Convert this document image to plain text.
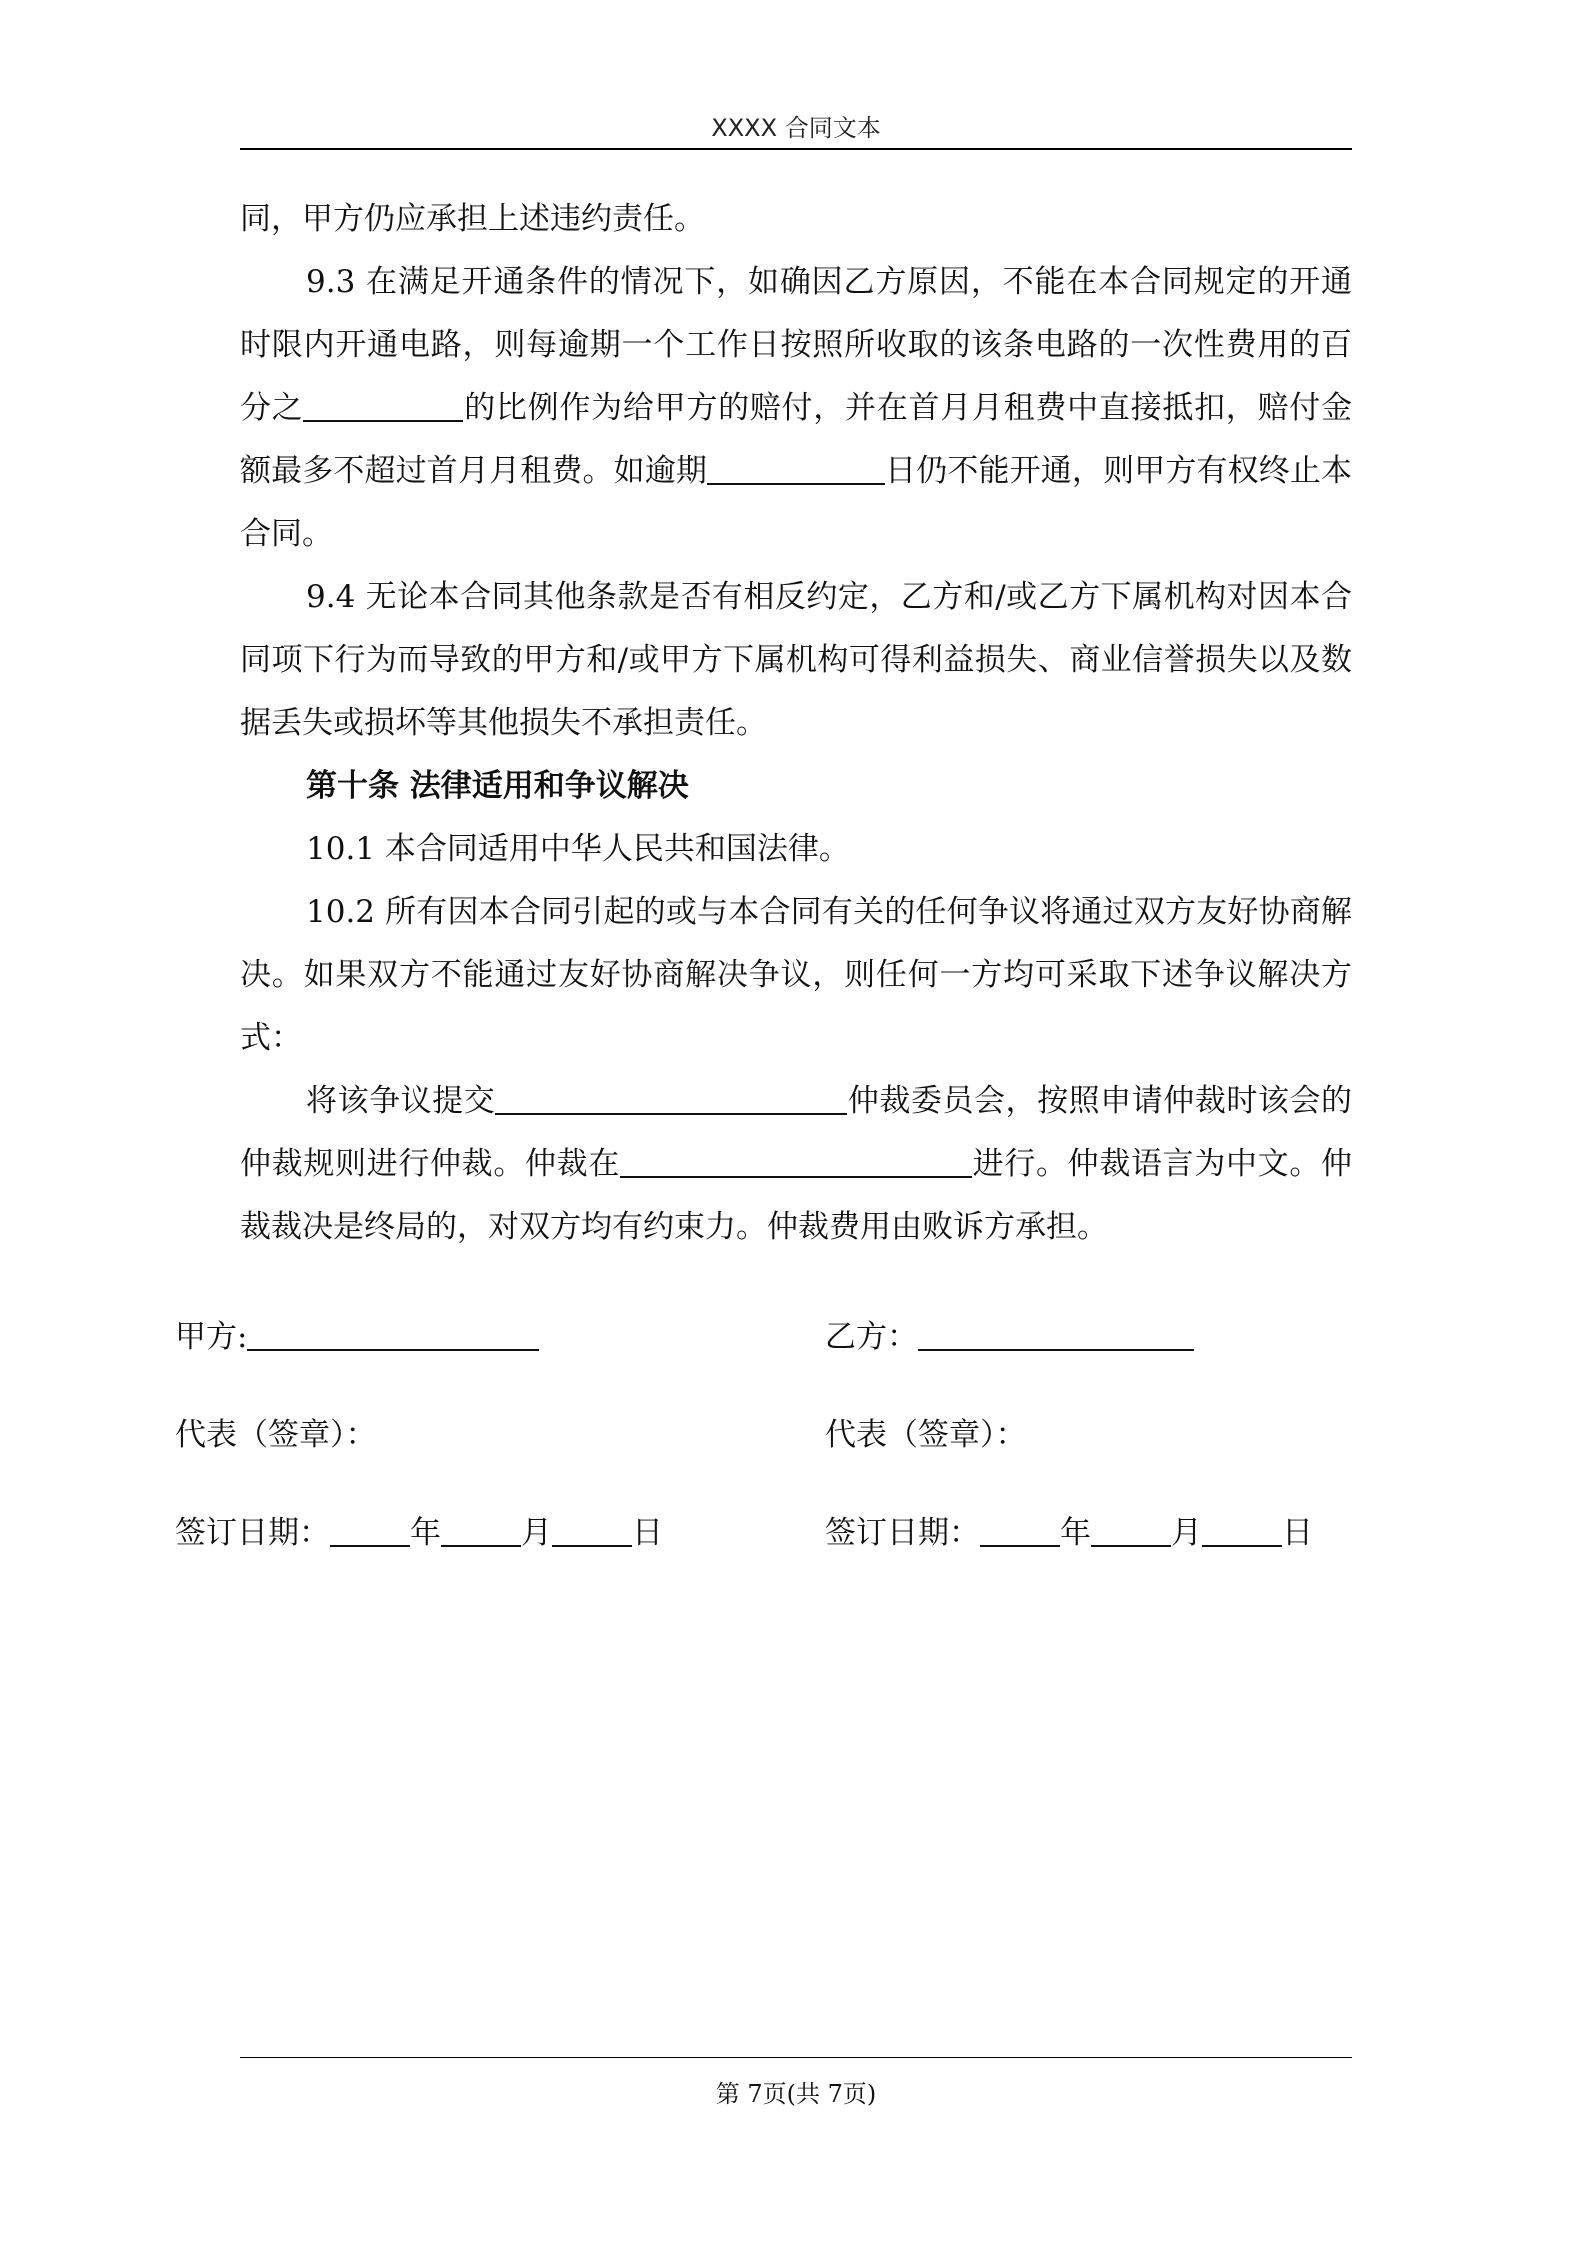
XXXX 合同文本

同，甲方仍应承担上述违约责任。

9.3 在满足开通条件的情况下，如确因乙方原因，不能在本合同规定的开通时限内开通电路，则每逾期一个工作日按照所收取的该条电路的一次性费用的百分之	的比例作为给甲方的赔付，并在首月月租费中直接抵扣，赔付金额最多不超过首月月租费。如逾期	日仍不能开通，则甲方有权终止本合同。

9.4 无论本合同其他条款是否有相反约定，乙方和/或乙方下属机构对因本合同项下行为而导致的甲方和/或甲方下属机构可得利益损失、商业信誉损失以及数据丢失或损坏等其他损失不承担责任。

第十条 法律适用和争议解决

10.1 本合同适用中华人民共和国法律。

10.2 所有因本合同引起的或与本合同有关的任何争议将通过双方友好协商解决。如果双方不能通过友好协商解决争议，则任何一方均可采取下述争议解决方式：

将该争议提交	仲裁委员会，按照申请仲裁时该会的仲裁规则进行仲裁。仲裁在	进行。仲裁语言为中文。仲裁裁决是终局的，对双方均有约束力。仲裁费用由败诉方承担。

甲方:	乙方：
代表（签章）：	代表（签章）：
签订日期：	年	月	日	签订日期：	年	月	日
第 7页(共 7页)
